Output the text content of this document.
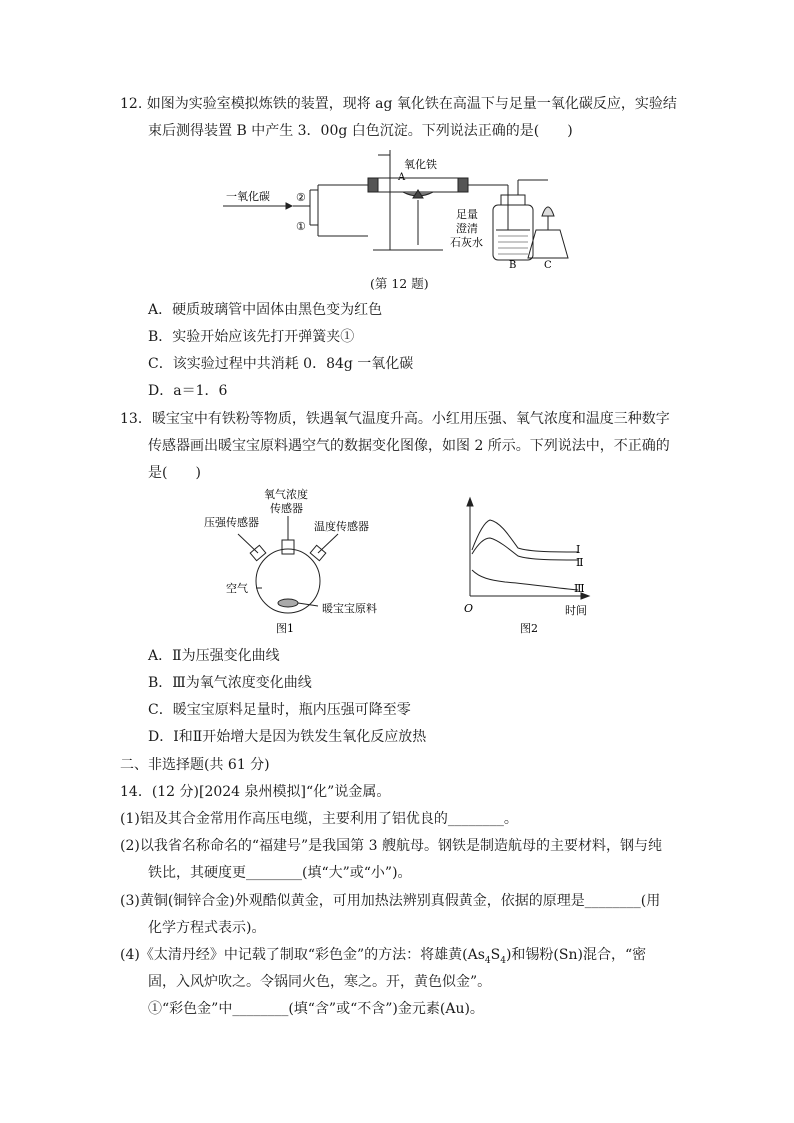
12. 如图为实验室模拟炼铁的装置，现将 ag 氧化铁在高温下与足量一氧化碳反应，实验结
束后测得装置 B 中产生 3．00g 白色沉淀。下列说法正确的是(　　)
一氧化碳 ②
①
氧化铁
A
足量
澄清
石灰水
B	C
(第 12 题)
A．硬质玻璃管中固体由黑色变为红色
B．实验开始应该先打开弹簧夹①
C．该实验过程中共消耗 0．84g 一氧化碳
D．a＝1．6
13．暖宝宝中有铁粉等物质，铁遇氧气温度升高。小红用压强、氧气浓度和温度三种数字
传感器画出暖宝宝原料遇空气的数据变化图像，如图 2 所示。下列说法中，不正确的
是(　　)
氧气浓度
传感器
压强传感器	温度传感器
空气
暖宝宝原料
图1
Ⅰ
Ⅱ
Ⅲ
O	时间
图2
A．Ⅱ为压强变化曲线
B．Ⅲ为氧气浓度变化曲线
C．暖宝宝原料足量时，瓶内压强可降至零
D．Ⅰ和Ⅱ开始增大是因为铁发生氧化反应放热
二、非选择题(共 61 分)
14．(12 分)[2024 泉州模拟]“化”说金属。
(1)铝及其合金常用作高压电缆，主要利用了铝优良的________。
(2)以我省名称命名的“福建号”是我国第 3 艘航母。钢铁是制造航母的主要材料，钢与纯
铁比，其硬度更________(填“大”或“小”)。
(3)黄铜(铜锌合金)外观酷似黄金，可用加热法辨别真假黄金，依据的原理是________(用
化学方程式表示)。
(4)《太清丹经》中记载了制取“彩色金”的方法：将雄黄$(As_4S_4)$和锡粉(Sn)混合，“密
固，入风炉吹之。令锅同火色，寒之。开，黄色似金”。
①“彩色金”中________(填“含”或“不含”)金元素(Au)。
